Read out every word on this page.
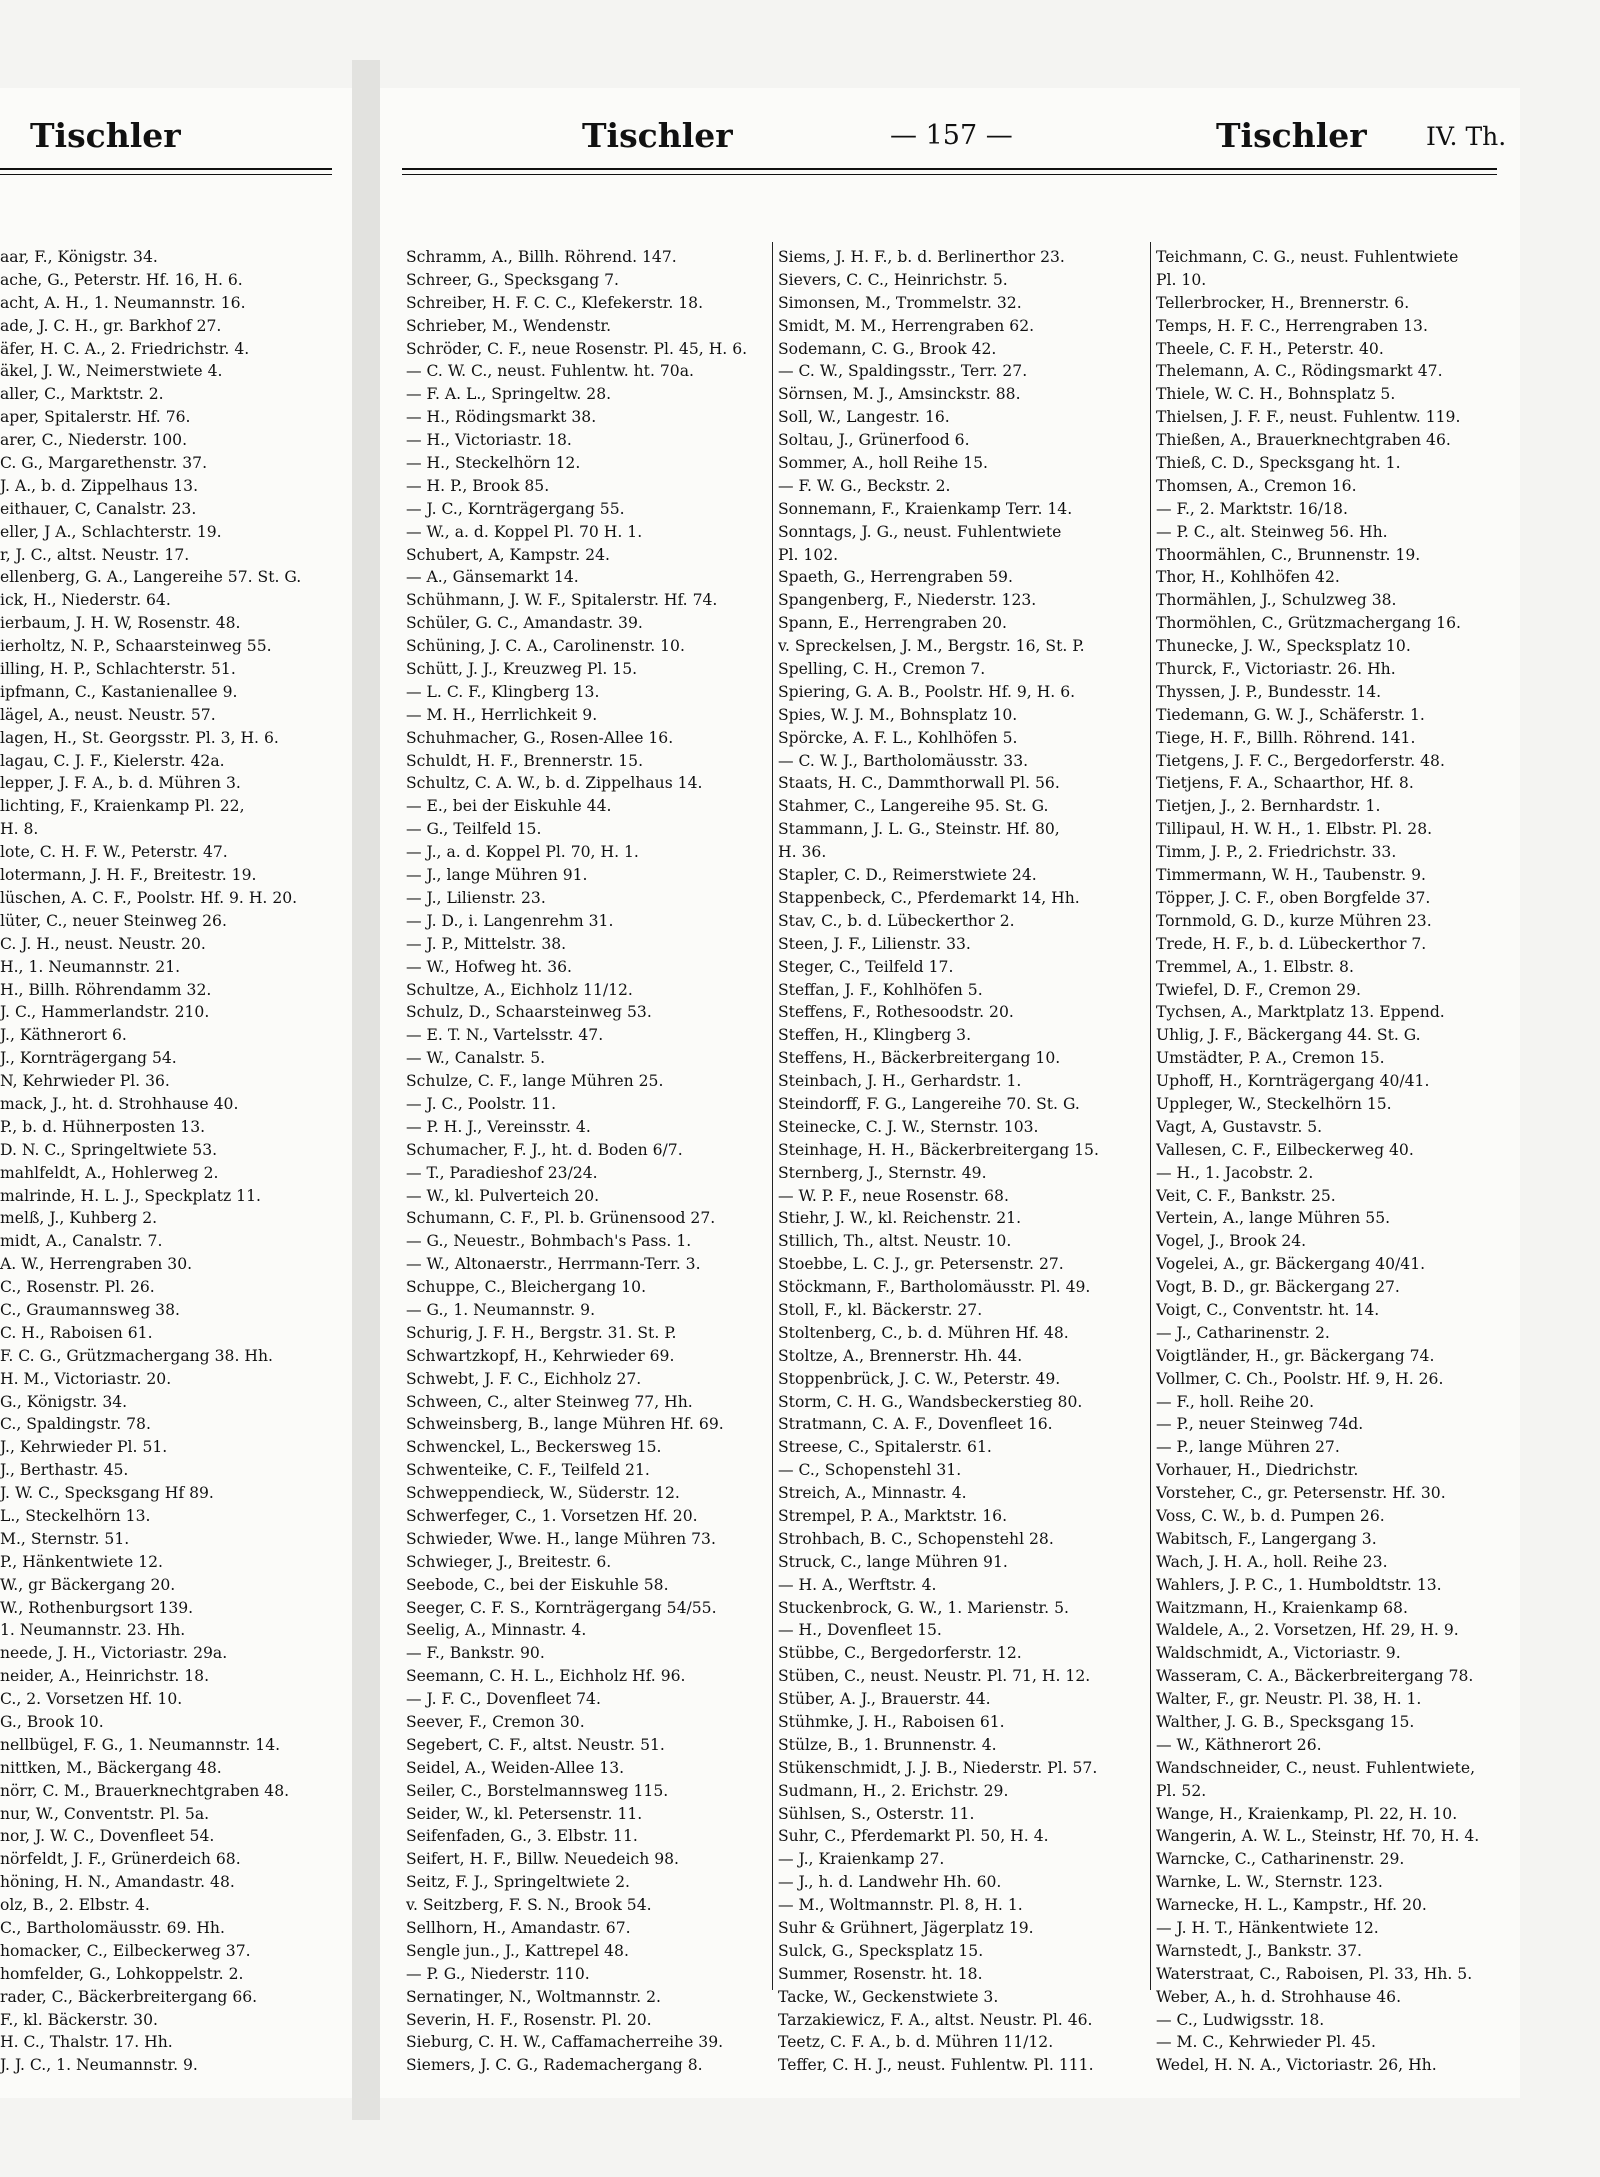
Tischler
aar, F., Königstr. 34.
ache, G., Peterstr. Hf. 16, H. 6.
acht, A. H., 1. Neumannstr. 16.
ade, J. C. H., gr. Barkhof 27.
äfer, H. C. A., 2. Friedrichstr. 4.
äkel, J. W., Neimerstwiete 4.
aller, C., Marktstr. 2.
aper, Spitalerstr. Hf. 76.
arer, C., Niederstr. 100.
C. G., Margarethenstr. 37.
J. A., b. d. Zippelhaus 13.
eithauer, C, Canalstr. 23.
eller, J A., Schlachterstr. 19.
r, J. C., altst. Neustr. 17.
ellenberg, G. A., Langereihe 57. St. G.
ick, H., Niederstr. 64.
ierbaum, J. H. W, Rosenstr. 48.
ierholtz, N. P., Schaarsteinweg 55.
illing, H. P., Schlachterstr. 51.
ipfmann, C., Kastanienallee 9.
lägel, A., neust. Neustr. 57.
lagen, H., St. Georgsstr. Pl. 3, H. 6.
lagau, C. J. F., Kielerstr. 42a.
lepper, J. F. A., b. d. Mühren 3.
lichting, F., Kraienkamp Pl. 22,
H. 8.
lote, C. H. F. W., Peterstr. 47.
lotermann, J. H. F., Breitestr. 19.
lüschen, A. C. F., Poolstr. Hf. 9. H. 20.
lüter, C., neuer Steinweg 26.
C. J. H., neust. Neustr. 20.
H., 1. Neumannstr. 21.
H., Billh. Röhrendamm 32.
J. C., Hammerlandstr. 210.
J., Käthnerort 6.
J., Kornträgergang 54.
N, Kehrwieder Pl. 36.
mack, J., ht. d. Strohhause 40.
P., b. d. Hühnerposten 13.
D. N. C., Springeltwiete 53.
mahlfeldt, A., Hohlerweg 2.
malrinde, H. L. J., Speckplatz 11.
melß, J., Kuhberg 2.
midt, A., Canalstr. 7.
A. W., Herrengraben 30.
C., Rosenstr. Pl. 26.
C., Graumannsweg 38.
C. H., Raboisen 61.
F. C. G., Grützmachergang 38. Hh.
H. M., Victoriastr. 20.
G., Königstr. 34.
C., Spaldingstr. 78.
J., Kehrwieder Pl. 51.
J., Berthastr. 45.
J. W. C., Specksgang Hf 89.
L., Steckelhörn 13.
M., Sternstr. 51.
P., Hänkentwiete 12.
W., gr Bäckergang 20.
W., Rothenburgsort 139.
1. Neumannstr. 23. Hh.
neede, J. H., Victoriastr. 29a.
neider, A., Heinrichstr. 18.
C., 2. Vorsetzen Hf. 10.
G., Brook 10.
nellbügel, F. G., 1. Neumannstr. 14.
nittken, M., Bäckergang 48.
nörr, C. M., Brauerknechtgraben 48.
nur, W., Conventstr. Pl. 5a.
nor, J. W. C., Dovenfleet 54.
nörfeldt, J. F., Grünerdeich 68.
höning, H. N., Amandastr. 48.
olz, B., 2. Elbstr. 4.
C., Bartholomäusstr. 69. Hh.
homacker, C., Eilbeckerweg 37.
homfelder, G., Lohkoppelstr. 2.
rader, C., Bäckerbreitergang 66.
F., kl. Bäckerstr. 30.
H. C., Thalstr. 17. Hh.
J. J. C., 1. Neumannstr. 9.
Tischler	— 157 —	Tischler IV. Th.
Schramm, A., Billh. Röhrend. 147.
Schreer, G., Specksgang 7.
Schreiber, H. F. C. C., Klefekerstr. 18.
Schrieber, M., Wendenstr.
Schröder, C. F., neue Rosenstr. Pl. 45, H. 6.
— C. W. C., neust. Fuhlentw. ht. 70a.
— F. A. L., Springeltw. 28.
— H., Rödingsmarkt 38.
— H., Victoriastr. 18.
— H., Steckelhörn 12.
— H. P., Brook 85.
— J. C., Kornträgergang 55.
— W., a. d. Koppel Pl. 70 H. 1.
Schubert, A, Kampstr. 24.
— A., Gänsemarkt 14.
Schühmann, J. W. F., Spitalerstr. Hf. 74.
Schüler, G. C., Amandastr. 39.
Schüning, J. C. A., Carolinenstr. 10.
Schütt, J. J., Kreuzweg Pl. 15.
— L. C. F., Klingberg 13.
— M. H., Herrlichkeit 9.
Schuhmacher, G., Rosen-Allee 16.
Schuldt, H. F., Brennerstr. 15.
Schultz, C. A. W., b. d. Zippelhaus 14.
— E., bei der Eiskuhle 44.
— G., Teilfeld 15.
— J., a. d. Koppel Pl. 70, H. 1.
— J., lange Mühren 91.
— J., Lilienstr. 23.
— J. D., i. Langenrehm 31.
— J. P., Mittelstr. 38.
— W., Hofweg ht. 36.
Schultze, A., Eichholz 11/12.
Schulz, D., Schaarsteinweg 53.
— E. T. N., Vartelsstr. 47.
— W., Canalstr. 5.
Schulze, C. F., lange Mühren 25.
— J. C., Poolstr. 11.
— P. H. J., Vereinsstr. 4.
Schumacher, F. J., ht. d. Boden 6/7.
— T., Paradieshof 23/24.
— W., kl. Pulverteich 20.
Schumann, C. F., Pl. b. Grünensood 27.
— G., Neuestr., Bohmbach's Pass. 1.
— W., Altonaerstr., Herrmann-Terr. 3.
Schuppe, C., Bleichergang 10.
— G., 1. Neumannstr. 9.
Schurig, J. F. H., Bergstr. 31. St. P.
Schwartzkopf, H., Kehrwieder 69.
Schwebt, J. F. C., Eichholz 27.
Schween, C., alter Steinweg 77, Hh.
Schweinsberg, B., lange Mühren Hf. 69.
Schwenckel, L., Beckersweg 15.
Schwenteike, C. F., Teilfeld 21.
Schweppendieck, W., Süderstr. 12.
Schwerfeger, C., 1. Vorsetzen Hf. 20.
Schwieder, Wwe. H., lange Mühren 73.
Schwieger, J., Breitestr. 6.
Seebode, C., bei der Eiskuhle 58.
Seeger, C. F. S., Kornträgergang 54/55.
Seelig, A., Minnastr. 4.
— F., Bankstr. 90.
Seemann, C. H. L., Eichholz Hf. 96.
— J. F. C., Dovenfleet 74.
Seever, F., Cremon 30.
Segebert, C. F., altst. Neustr. 51.
Seidel, A., Weiden-Allee 13.
Seiler, C., Borstelmannsweg 115.
Seider, W., kl. Petersenstr. 11.
Seifenfaden, G., 3. Elbstr. 11.
Seifert, H. F., Billw. Neuedeich 98.
Seitz, F. J., Springeltwiete 2.
v. Seitzberg, F. S. N., Brook 54.
Sellhorn, H., Amandastr. 67.
Sengle jun., J., Kattrepel 48.
— P. G., Niederstr. 110.
Sernatinger, N., Woltmannstr. 2.
Severin, H. F., Rosenstr. Pl. 20.
Sieburg, C. H. W., Caffamacherreihe 39.
Siemers, J. C. G., Rademachergang 8.
Siems, J. H. F., b. d. Berlinerthor 23.
Sievers, C. C., Heinrichstr. 5.
Simonsen, M., Trommelstr. 32.
Smidt, M. M., Herrengraben 62.
Sodemann, C. G., Brook 42.
— C. W., Spaldingsstr., Terr. 27.
Sörnsen, M. J., Amsinckstr. 88.
Soll, W., Langestr. 16.
Soltau, J., Grünerfood 6.
Sommer, A., holl Reihe 15.
— F. W. G., Beckstr. 2.
Sonnemann, F., Kraienkamp Terr. 14.
Sonntags, J. G., neust. Fuhlentwiete
Pl. 102.
Spaeth, G., Herrengraben 59.
Spangenberg, F., Niederstr. 123.
Spann, E., Herrengraben 20.
v. Spreckelsen, J. M., Bergstr. 16, St. P.
Spelling, C. H., Cremon 7.
Spiering, G. A. B., Poolstr. Hf. 9, H. 6.
Spies, W. J. M., Bohnsplatz 10.
Spörcke, A. F. L., Kohlhöfen 5.
— C. W. J., Bartholomäusstr. 33.
Staats, H. C., Dammthorwall Pl. 56.
Stahmer, C., Langereihe 95. St. G.
Stammann, J. L. G., Steinstr. Hf. 80,
H. 36.
Stapler, C. D., Reimerstwiete 24.
Stappenbeck, C., Pferdemarkt 14, Hh.
Stav, C., b. d. Lübeckerthor 2.
Steen, J. F., Lilienstr. 33.
Steger, C., Teilfeld 17.
Steffan, J. F., Kohlhöfen 5.
Steffens, F., Rothesoodstr. 20.
Steffen, H., Klingberg 3.
Steffens, H., Bäckerbreitergang 10.
Steinbach, J. H., Gerhardstr. 1.
Steindorff, F. G., Langereihe 70. St. G.
Steinecke, C. J. W., Sternstr. 103.
Steinhage, H. H., Bäckerbreitergang 15.
Sternberg, J., Sternstr. 49.
— W. P. F., neue Rosenstr. 68.
Stiehr, J. W., kl. Reichenstr. 21.
Stillich, Th., altst. Neustr. 10.
Stoebbe, L. C. J., gr. Petersenstr. 27.
Stöckmann, F., Bartholomäusstr. Pl. 49.
Stoll, F., kl. Bäckerstr. 27.
Stoltenberg, C., b. d. Mühren Hf. 48.
Stoltze, A., Brennerstr. Hh. 44.
Stoppenbrück, J. C. W., Peterstr. 49.
Storm, C. H. G., Wandsbeckerstieg 80.
Stratmann, C. A. F., Dovenfleet 16.
Streese, C., Spitalerstr. 61.
— C., Schopenstehl 31.
Streich, A., Minnastr. 4.
Strempel, P. A., Marktstr. 16.
Strohbach, B. C., Schopenstehl 28.
Struck, C., lange Mühren 91.
— H. A., Werftstr. 4.
Stuckenbrock, G. W., 1. Marienstr. 5.
— H., Dovenfleet 15.
Stübbe, C., Bergedorferstr. 12.
Stüben, C., neust. Neustr. Pl. 71, H. 12.
Stüber, A. J., Brauerstr. 44.
Stühmke, J. H., Raboisen 61.
Stülze, B., 1. Brunnenstr. 4.
Stükenschmidt, J. J. B., Niederstr. Pl. 57.
Sudmann, H., 2. Erichstr. 29.
Sühlsen, S., Osterstr. 11.
Suhr, C., Pferdemarkt Pl. 50, H. 4.
— J., Kraienkamp 27.
— J., h. d. Landwehr Hh. 60.
— M., Woltmannstr. Pl. 8, H. 1.
Suhr & Grühnert, Jägerplatz 19.
Sulck, G., Specksplatz 15.
Summer, Rosenstr. ht. 18.
Tacke, W., Geckenstwiete 3.
Tarzakiewicz, F. A., altst. Neustr. Pl. 46.
Teetz, C. F. A., b. d. Mühren 11/12.
Teffer, C. H. J., neust. Fuhlentw. Pl. 111.
Teichmann, C. G., neust. Fuhlentwiete
Pl. 10.
Tellerbrocker, H., Brennerstr. 6.
Temps, H. F. C., Herrengraben 13.
Theele, C. F. H., Peterstr. 40.
Thelemann, A. C., Rödingsmarkt 47.
Thiele, W. C. H., Bohnsplatz 5.
Thielsen, J. F. F., neust. Fuhlentw. 119.
Thießen, A., Brauerknechtgraben 46.
Thieß, C. D., Specksgang ht. 1.
Thomsen, A., Cremon 16.
— F., 2. Marktstr. 16/18.
— P. C., alt. Steinweg 56. Hh.
Thoormählen, C., Brunnenstr. 19.
Thor, H., Kohlhöfen 42.
Thormählen, J., Schulzweg 38.
Thormöhlen, C., Grützmachergang 16.
Thunecke, J. W., Specksplatz 10.
Thurck, F., Victoriastr. 26. Hh.
Thyssen, J. P., Bundesstr. 14.
Tiedemann, G. W. J., Schäferstr. 1.
Tiege, H. F., Billh. Röhrend. 141.
Tietgens, J. F. C., Bergedorferstr. 48.
Tietjens, F. A., Schaarthor, Hf. 8.
Tietjen, J., 2. Bernhardstr. 1.
Tillipaul, H. W. H., 1. Elbstr. Pl. 28.
Timm, J. P., 2. Friedrichstr. 33.
Timmermann, W. H., Taubenstr. 9.
Töpper, J. C. F., oben Borgfelde 37.
Tornmold, G. D., kurze Mühren 23.
Trede, H. F., b. d. Lübeckerthor 7.
Tremmel, A., 1. Elbstr. 8.
Twiefel, D. F., Cremon 29.
Tychsen, A., Marktplatz 13. Eppend.
Uhlig, J. F., Bäckergang 44. St. G.
Umstädter, P. A., Cremon 15.
Uphoff, H., Kornträgergang 40/41.
Uppleger, W., Steckelhörn 15.
Vagt, A, Gustavstr. 5.
Vallesen, C. F., Eilbeckerweg 40.
— H., 1. Jacobstr. 2.
Veit, C. F., Bankstr. 25.
Vertein, A., lange Mühren 55.
Vogel, J., Brook 24.
Vogelei, A., gr. Bäckergang 40/41.
Vogt, B. D., gr. Bäckergang 27.
Voigt, C., Conventstr. ht. 14.
— J., Catharinenstr. 2.
Voigtländer, H., gr. Bäckergang 74.
Vollmer, C. Ch., Poolstr. Hf. 9, H. 26.
— F., holl. Reihe 20.
— P., neuer Steinweg 74d.
— P., lange Mühren 27.
Vorhauer, H., Diedrichstr.
Vorsteher, C., gr. Petersenstr. Hf. 30.
Voss, C. W., b. d. Pumpen 26.
Wabitsch, F., Langergang 3.
Wach, J. H. A., holl. Reihe 23.
Wahlers, J. P. C., 1. Humboldtstr. 13.
Waitzmann, H., Kraienkamp 68.
Waldele, A., 2. Vorsetzen, Hf. 29, H. 9.
Waldschmidt, A., Victoriastr. 9.
Wasseram, C. A., Bäckerbreitergang 78.
Walter, F., gr. Neustr. Pl. 38, H. 1.
Walther, J. G. B., Specksgang 15.
— W., Käthnerort 26.
Wandschneider, C., neust. Fuhlentwiete,
Pl. 52.
Wange, H., Kraienkamp, Pl. 22, H. 10.
Wangerin, A. W. L., Steinstr, Hf. 70, H. 4.
Warncke, C., Catharinenstr. 29.
Warnke, L. W., Sternstr. 123.
Warnecke, H. L., Kampstr., Hf. 20.
— J. H. T., Hänkentwiete 12.
Warnstedt, J., Bankstr. 37.
Waterstraat, C., Raboisen, Pl. 33, Hh. 5.
Weber, A., h. d. Strohhause 46.
— C., Ludwigsstr. 18.
— M. C., Kehrwieder Pl. 45.
Wedel, H. N. A., Victoriastr. 26, Hh.
